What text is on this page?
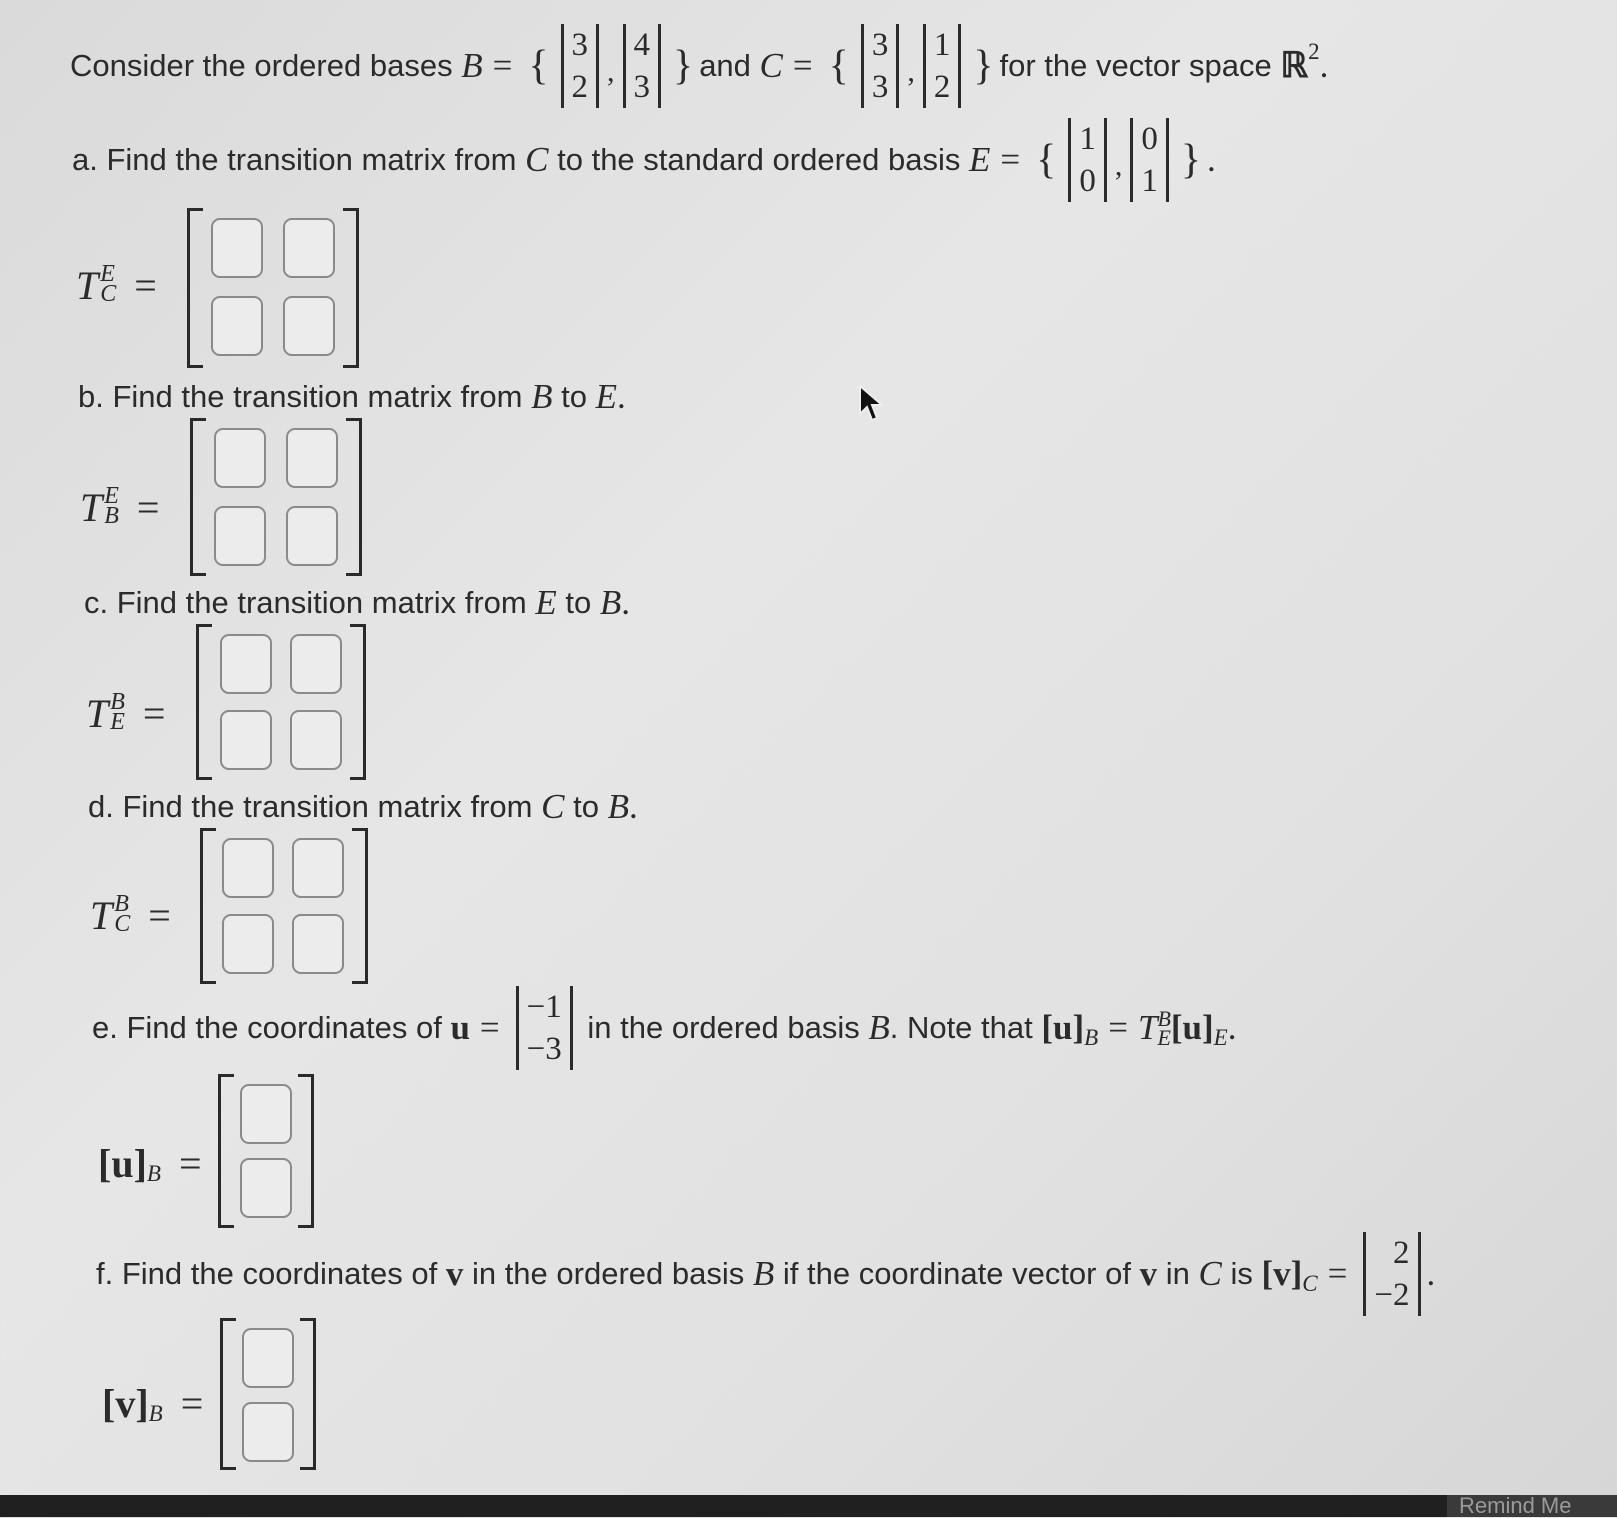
Consider the ordered bases
B = { 3
2 ,
4
3 } and
C = { 3
3 ,
1
2 } for the vector space
ℝ 2 .
a. Find the transition matrix from
C
to the standard ordered basis
E = { 1
0 ,
0
1 } .
T E
C =
b. Find the transition matrix from
B
to
E .
T E
B =
c. Find the transition matrix from
E
to
B .
T B
E =
d. Find the transition matrix from
C
to
B .
T B
C =
e. Find the coordinates of
u =
−1
−3

in the ordered basis
B . Note that
[u] B = T B
E [u] E .
[u] B =
f. Find the coordinates of
v
in the ordered basis
B
if the coordinate vector of
v
in
C
is
[v] C =
2
−2
.
[v] B =
Remind Me
